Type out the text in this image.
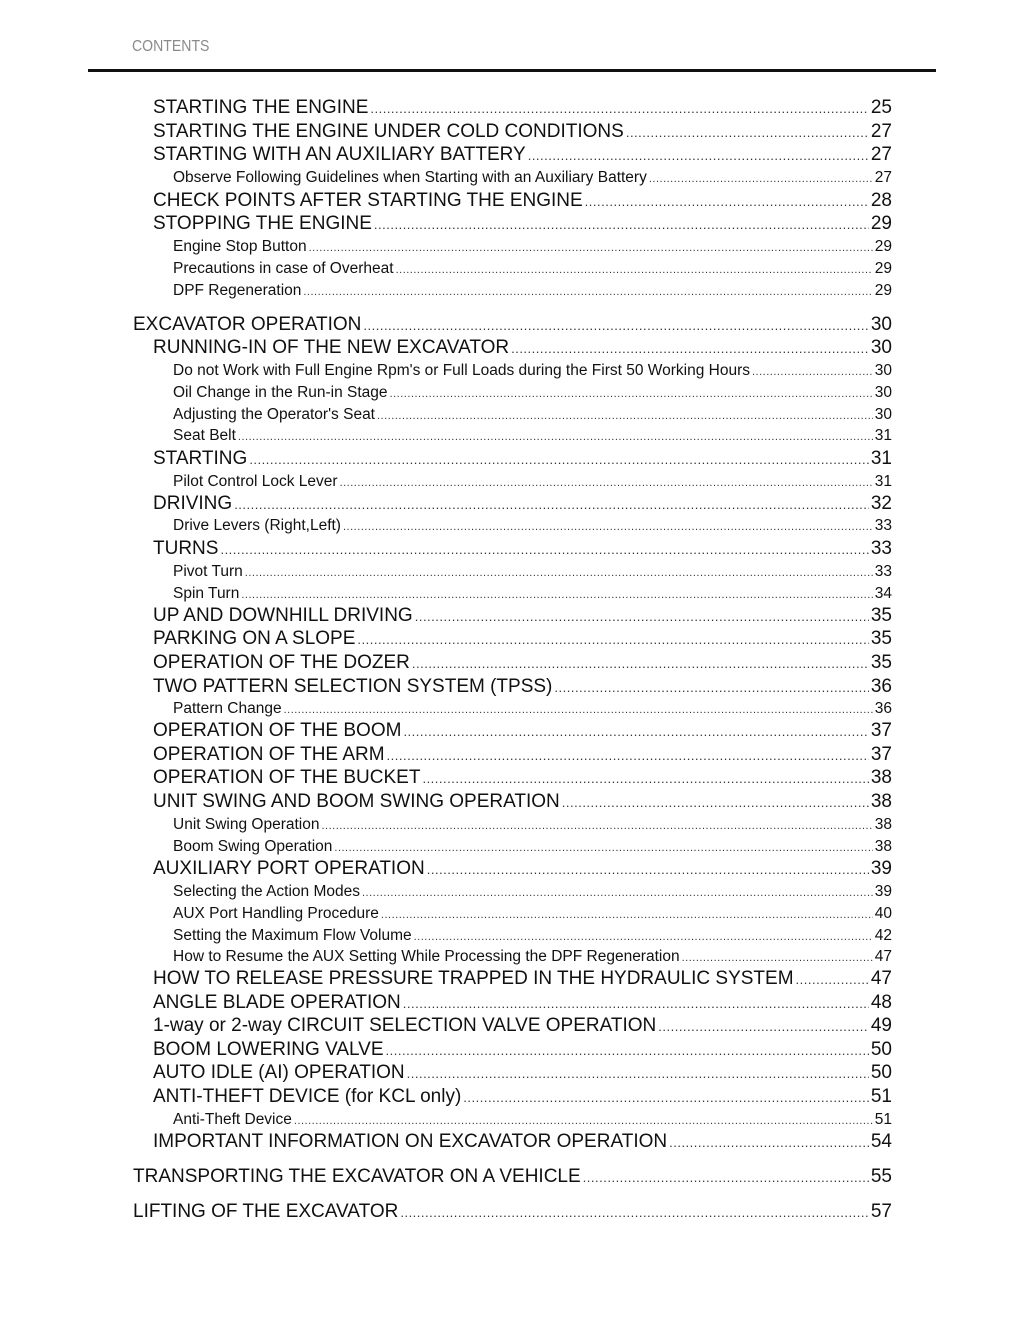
CONTENTS
STARTING THE ENGINE .....	25
STARTING THE ENGINE UNDER COLD CONDITIONS .....	27
STARTING WITH AN AUXILIARY BATTERY .....	27
Observe Following Guidelines when Starting with an Auxiliary Battery .....	27
CHECK POINTS AFTER STARTING THE ENGINE .....	28
STOPPING THE ENGINE .....	29
Engine Stop Button .....	29
Precautions in case of Overheat .....	29
DPF Regeneration .....	29
EXCAVATOR OPERATION .....	30
RUNNING-IN OF THE NEW EXCAVATOR .....	30
Do not Work with Full Engine Rpm's or Full Loads during the First 50 Working Hours .....	30
Oil Change in the Run-in Stage .....	30
Adjusting the Operator's Seat .....	30
Seat Belt .....	31
STARTING .....	31
Pilot Control Lock Lever .....	31
DRIVING .....	32
Drive Levers (Right,Left) .....	33
TURNS .....	33
Pivot Turn .....	33
Spin Turn .....	34
UP AND DOWNHILL DRIVING .....	35
PARKING ON A SLOPE .....	35
OPERATION OF THE DOZER .....	35
TWO PATTERN SELECTION SYSTEM (TPSS) .....	36
Pattern Change .....	36
OPERATION OF THE BOOM .....	37
OPERATION OF THE ARM .....	37
OPERATION OF THE BUCKET .....	38
UNIT SWING AND BOOM SWING OPERATION .....	38
Unit Swing Operation .....	38
Boom Swing Operation .....	38
AUXILIARY PORT OPERATION .....	39
Selecting the Action Modes .....	39
AUX Port Handling Procedure .....	40
Setting the Maximum Flow Volume .....	42
How to Resume the AUX Setting While Processing the DPF Regeneration .....	47
HOW TO RELEASE PRESSURE TRAPPED IN THE HYDRAULIC SYSTEM .....	47
ANGLE BLADE OPERATION .....	48
1-way or 2-way CIRCUIT SELECTION VALVE OPERATION .....	49
BOOM LOWERING VALVE .....	50
AUTO IDLE (AI) OPERATION .....	50
ANTI-THEFT DEVICE (for KCL only) .....	51
Anti-Theft Device .....	51
IMPORTANT INFORMATION ON EXCAVATOR OPERATION .....	54
TRANSPORTING THE EXCAVATOR ON A VEHICLE .....	55
LIFTING OF THE EXCAVATOR .....	57
